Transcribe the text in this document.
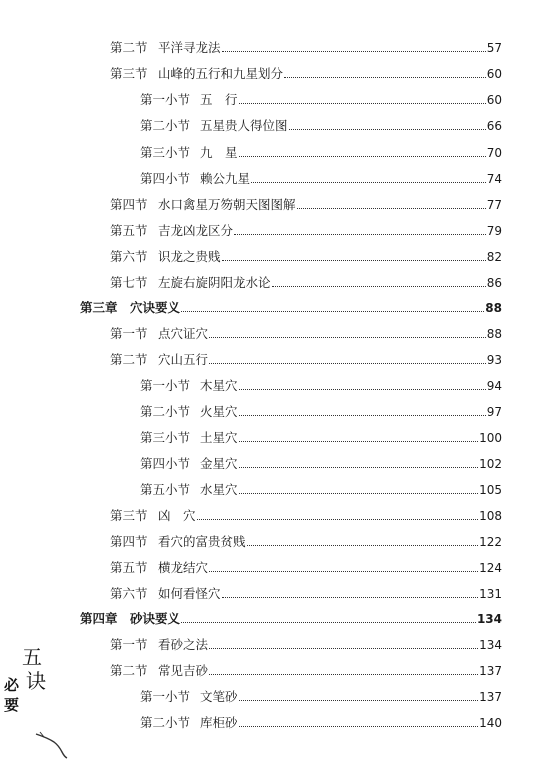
第二节 平洋寻龙法	57
第三节 山峰的五行和九星划分	60
第一小节 五　行	60
第二小节 五星贵人得位图	66
第三小节 九　星	70
第四小节 赖公九星	74
第四节 水口禽星万笏朝天图图解	77
第五节 吉龙凶龙区分	79
第六节 识龙之贵贱	82
第七节 左旋右旋阴阳龙水论	86
第三章 穴诀要义	88
第一节 点穴证穴	88
第二节 穴山五行	93
第一小节 木星穴	94
第二小节 火星穴	97
第三小节 土星穴	100
第四小节 金星穴	102
第五小节 水星穴	105
第三节 凶　穴	108
第四节 看穴的富贵贫贱	122
第五节 横龙结穴	124
第六节 如何看怪穴	131
第四章 砂诀要义	134
第一节 看砂之法	134
第二节 常见吉砂	137
第一小节 文笔砂	137
第二小节 库柜砂	140
五
诀
必
要
